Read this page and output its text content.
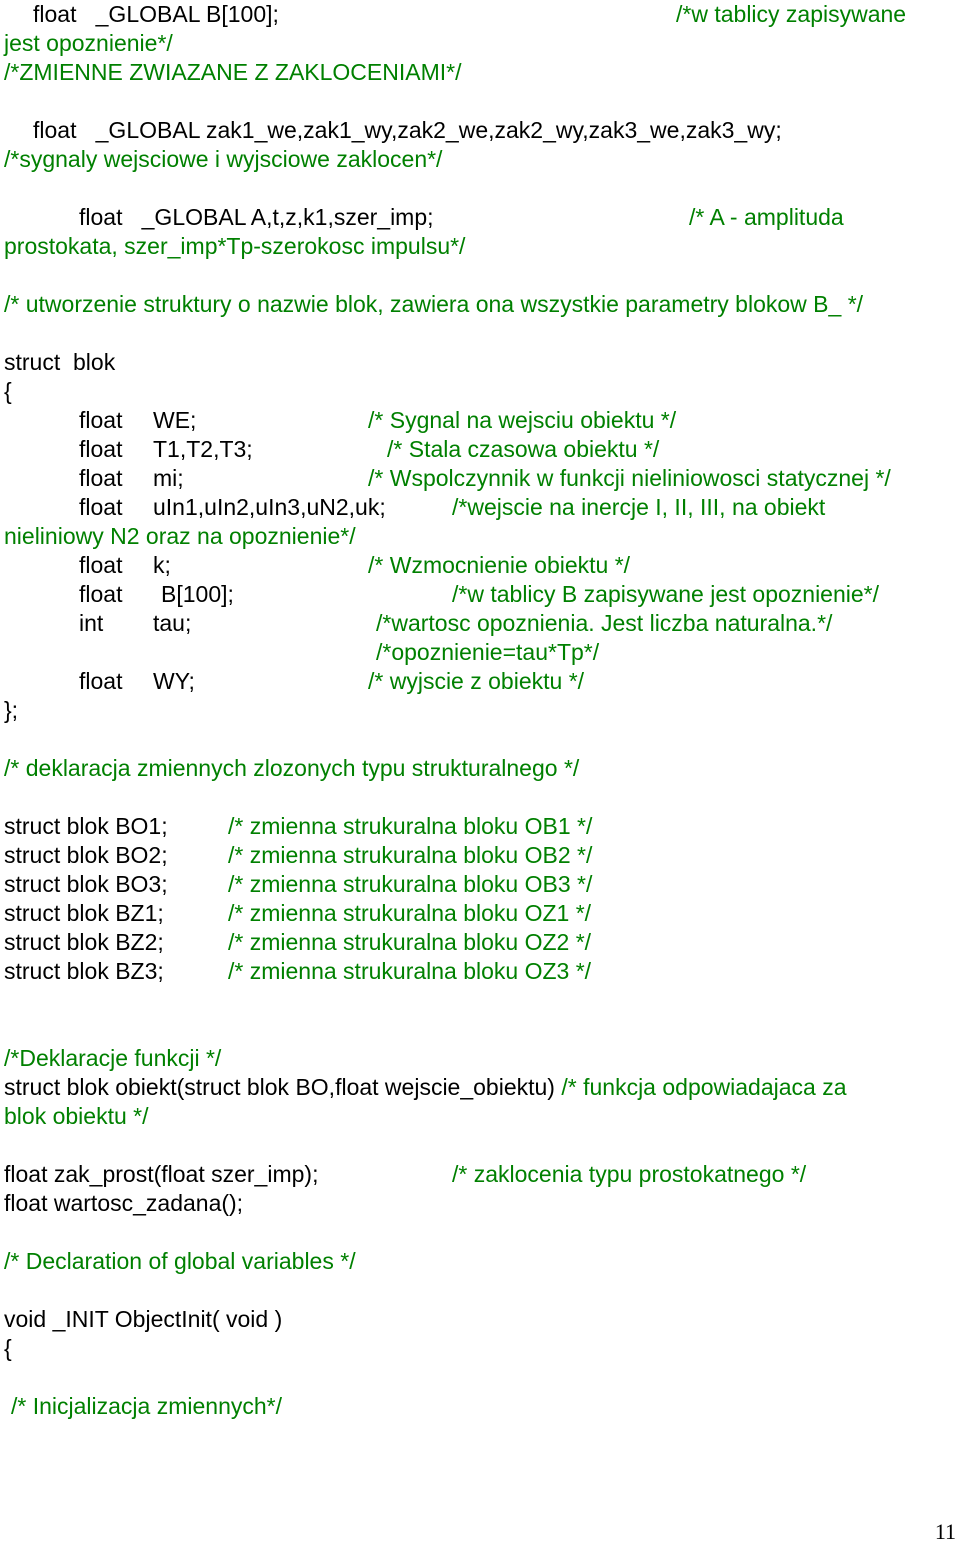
float   _GLOBAL B[100];	/*w tablicy zapisywane
jest opoznienie*/
/*ZMIENNE ZWIAZANE Z ZAKLOCENIAMI*/
float   _GLOBAL zak1_we,zak1_wy,zak2_we,zak2_wy,zak3_we,zak3_wy;
/*sygnaly wejsciowe i wyjsciowe zaklocen*/
float   _GLOBAL A,t,z,k1,szer_imp;	/* A - amplituda
prostokata, szer_imp*Tp-szerokosc impulsu*/
/* utworzenie struktury o nazwie blok, zawiera ona wszystkie parametry blokow B_ */
struct  blok
{
float WE;	/* Sygnal na wejsciu obiektu */
float T1,T2,T3;	/* Stala czasowa obiektu */
float mi;	/* Wspolczynnik w funkcji nieliniowosci statycznej */
float uIn1,uIn2,uIn3,uN2,uk;	/*wejscie na inercje I, II, III, na obiekt
nieliniowy N2 oraz na opoznienie*/
float k;	/* Wzmocnienie obiektu */
float B[100];	/*w tablicy B zapisywane jest opoznienie*/
int tau;	/*wartosc opoznienia. Jest liczba naturalna.*/
/*opoznienie=tau*Tp*/
float WY;	/* wyjscie z obiektu */
};
/* deklaracja zmiennych zlozonych typu strukturalnego */
struct blok BO1;	/* zmienna strukuralna bloku OB1 */
struct blok BO2;	/* zmienna strukuralna bloku OB2 */
struct blok BO3;	/* zmienna strukuralna bloku OB3 */
struct blok BZ1;	/* zmienna strukuralna bloku OZ1 */
struct blok BZ2;	/* zmienna strukuralna bloku OZ2 */
struct blok BZ3;	/* zmienna strukuralna bloku OZ3 */
/*Deklaracje funkcji */
struct blok obiekt(struct blok BO,float wejscie_obiektu) /* funkcja odpowiadajaca za
blok obiektu */
float zak_prost(float szer_imp);	/* zaklocenia typu prostokatnego */
float wartosc_zadana();
/* Declaration of global variables */
void _INIT ObjectInit( void )
{
/* Inicjalizacja zmiennych*/
11
